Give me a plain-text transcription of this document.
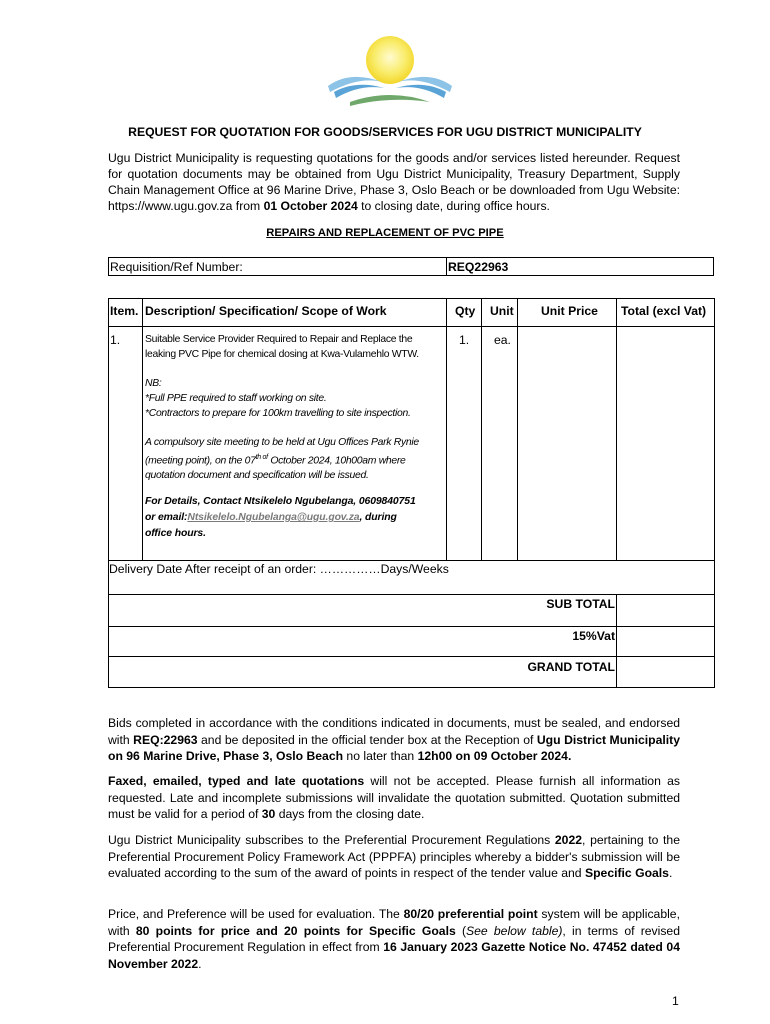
REQUEST FOR QUOTATION FOR GOODS/SERVICES FOR UGU DISTRICT MUNICIPALITY
Ugu District Municipality is requesting quotations for the goods and/or services listed hereunder. Request for quotation documents may be obtained from Ugu District Municipality, Treasury Department, Supply Chain Management Office at 96 Marine Drive, Phase 3, Oslo Beach or be downloaded from Ugu Website: https://www.ugu.gov.za from 01 October 2024 to closing date, during office hours.
REPAIRS AND REPLACEMENT OF PVC PIPE
Requisition/Ref Number:	REQ22963
Item. Description/ Specification/ Scope of Work	Qty Unit Unit Price Total (excl Vat)
1. Suitable Service Provider Required to Repair and Replace the
leaking PVC Pipe for chemical dosing at Kwa-Vulamehlo WTW.
NB:
*Full PPE required to staff working on site.
*Contractors to prepare for 100km travelling to site inspection.
A compulsory site meeting to be held at Ugu Offices Park Rynie
(meeting point), on the $07^{th of}$ October 2024, 10h00am where
quotation document and specification will be issued.
For Details, Contact Ntsikelelo Ngubelanga, 0609840751
or email:Ntsikelelo.Ngubelanga@ugu.gov.za, during
office hours.
1. ea.
Delivery Date After receipt of an order: ……………Days/Weeks
SUB TOTAL
15%Vat
GRAND TOTAL
Bids completed in accordance with the conditions indicated in documents, must be sealed, and endorsed with REQ:22963 and be deposited in the official tender box at the Reception of Ugu District Municipality on 96 Marine Drive, Phase 3, Oslo Beach no later than 12h00 on 09 October 2024.
Faxed, emailed, typed and late quotations will not be accepted. Please furnish all information as requested. Late and incomplete submissions will invalidate the quotation submitted. Quotation submitted must be valid for a period of 30 days from the closing date.
Ugu District Municipality subscribes to the Preferential Procurement Regulations 2022, pertaining to the Preferential Procurement Policy Framework Act (PPPFA) principles whereby a bidder's submission will be evaluated according to the sum of the award of points in respect of the tender value and Specific Goals.
Price, and Preference will be used for evaluation. The 80/20 preferential point system will be applicable, with 80 points for price and 20 points for Specific Goals (See below table), in terms of revised Preferential Procurement Regulation in effect from 16 January 2023 Gazette Notice No. 47452 dated 04 November 2022.
1
